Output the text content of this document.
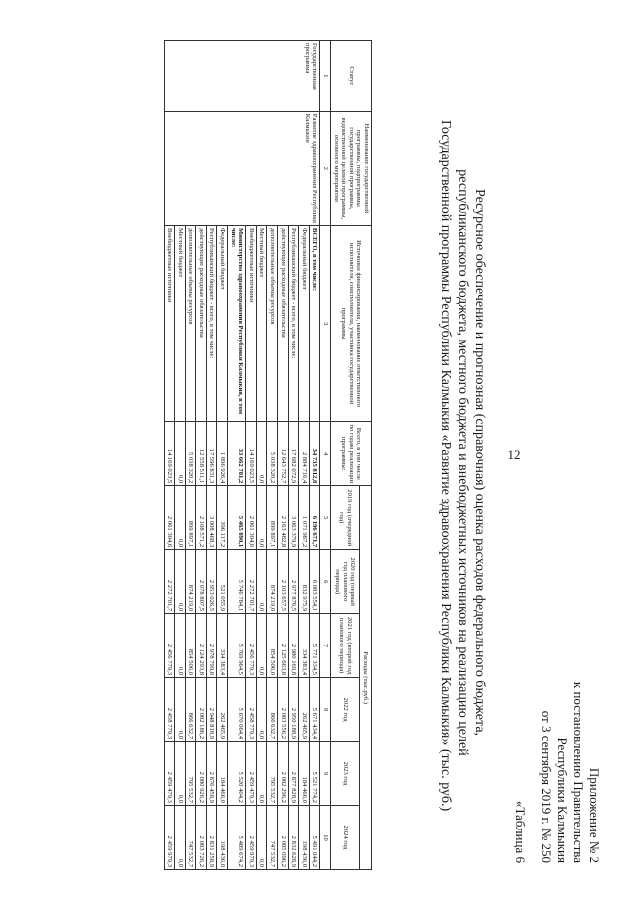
Приложение № 2
к постановлению Правительства
Республики Калмыкия
от 3 сентября 2019 г. № 250
«Таблица 6
Ресурсное обеспечение и прогнозная (справочная) оценка расходов федерального бюджета,
республиканского бюджета, местного бюджета и внебюджетных источников на реализацию целей
Государственной программы Республики Калмыкия «Развитие здравоохранения Республики Калмыкия» (тыс. руб.)
Статус	Наименование государственной программы, подпрограммы государственной программы, ведомственной целевой программы, основного мероприятия	Источники финансирования, наименование ответственного исполнителя, соисполнителя, участника государственной программы	Всего, в том числе по годам реализации программы:	Расходы (тыс.руб.)					
				2019 год (очередной год)	2020 год (первый год планового периода)	2021 год (второй год планового периода)	2022 год	2023 год	2024 год
1	2	3	4	5	6	7	8	9	10
Государственная программа	Развитие здравоохранения Республики Калмыкия	ВСЕГО, в том числе:	34 735 812,8	6 196 671,7	6 083 554,1	5 771 334,5	5 671 434,4	5 521 774,2	5 491 044,2
		Федеральный бюджет	2 884 716,4	1 071 987,2	832 975,9	334 383,4	262 465,9	184 466,0	198 436,0
		Республиканский бюджет - всего, в том числе:	17 682 072,9	3 063 379,9	2 977 876,5	2 980 169,8	2 950 188,9	2 877 828,9	2 832 628,9
		действующие расходные обязательства	12 643 752,7	2 163 482,8	2 103 657,5	2 125 663,8	2 083 556,2	2 082 296,2	2 085 096,2
		дополнительные объемы ресурсов	5 038 320,2	899 897,1	874 219,0	854 506,0	866 632,7	795 532,7	747 532,7
		Местный бюджет	0,0	0,0	0,0	0,0	0,0	0,0	0,0
		Внебюджетные источники	14 169 023,5	2 061 304,6	2 272 701,7	2 456 779,3	2 458 779,3	2 459 479,3	2 459 979,3
		Министерство здравоохранения Республики Калмыкия, в том числе:	33 662 781,2	5 465 890,1	5 746 784,1	5 769 964,5	5 670 064,4	5 520 404,2	5 489 674,2
		Федеральный бюджет	1 896 926,4	396 117,2	521 055,9	334 383,4	262 465,9	184 466,0	198 436,0
		Республиканский бюджет - всего, в том числе:	17 596 831,3	3 008 468,3	2 953 026,5	2 978 799,8	2 948 818,9	2 876 458,9	2 831 258,9
		действующие расходные обязательства	12 558 511,1	2 108 571,2	2 078 807,5	2 124 293,8	2 082 186,2	2 080 926,2	2 083 726,2
		дополнительные объемы ресурсов	5 038 320,2	899 897,1	874 219,0	854 506,0	866 632,7	795 532,7	747 532,7
		Местный бюджет	0,0	0,0	0,0	0,0	0,0	0,0	0,0
		Внебюджетные источники	14 169 023,5	2 061 304,6	2 272 701,7	2 456 779,3	2 458 779,3	2 459 479,3	2 459 979,3
12
